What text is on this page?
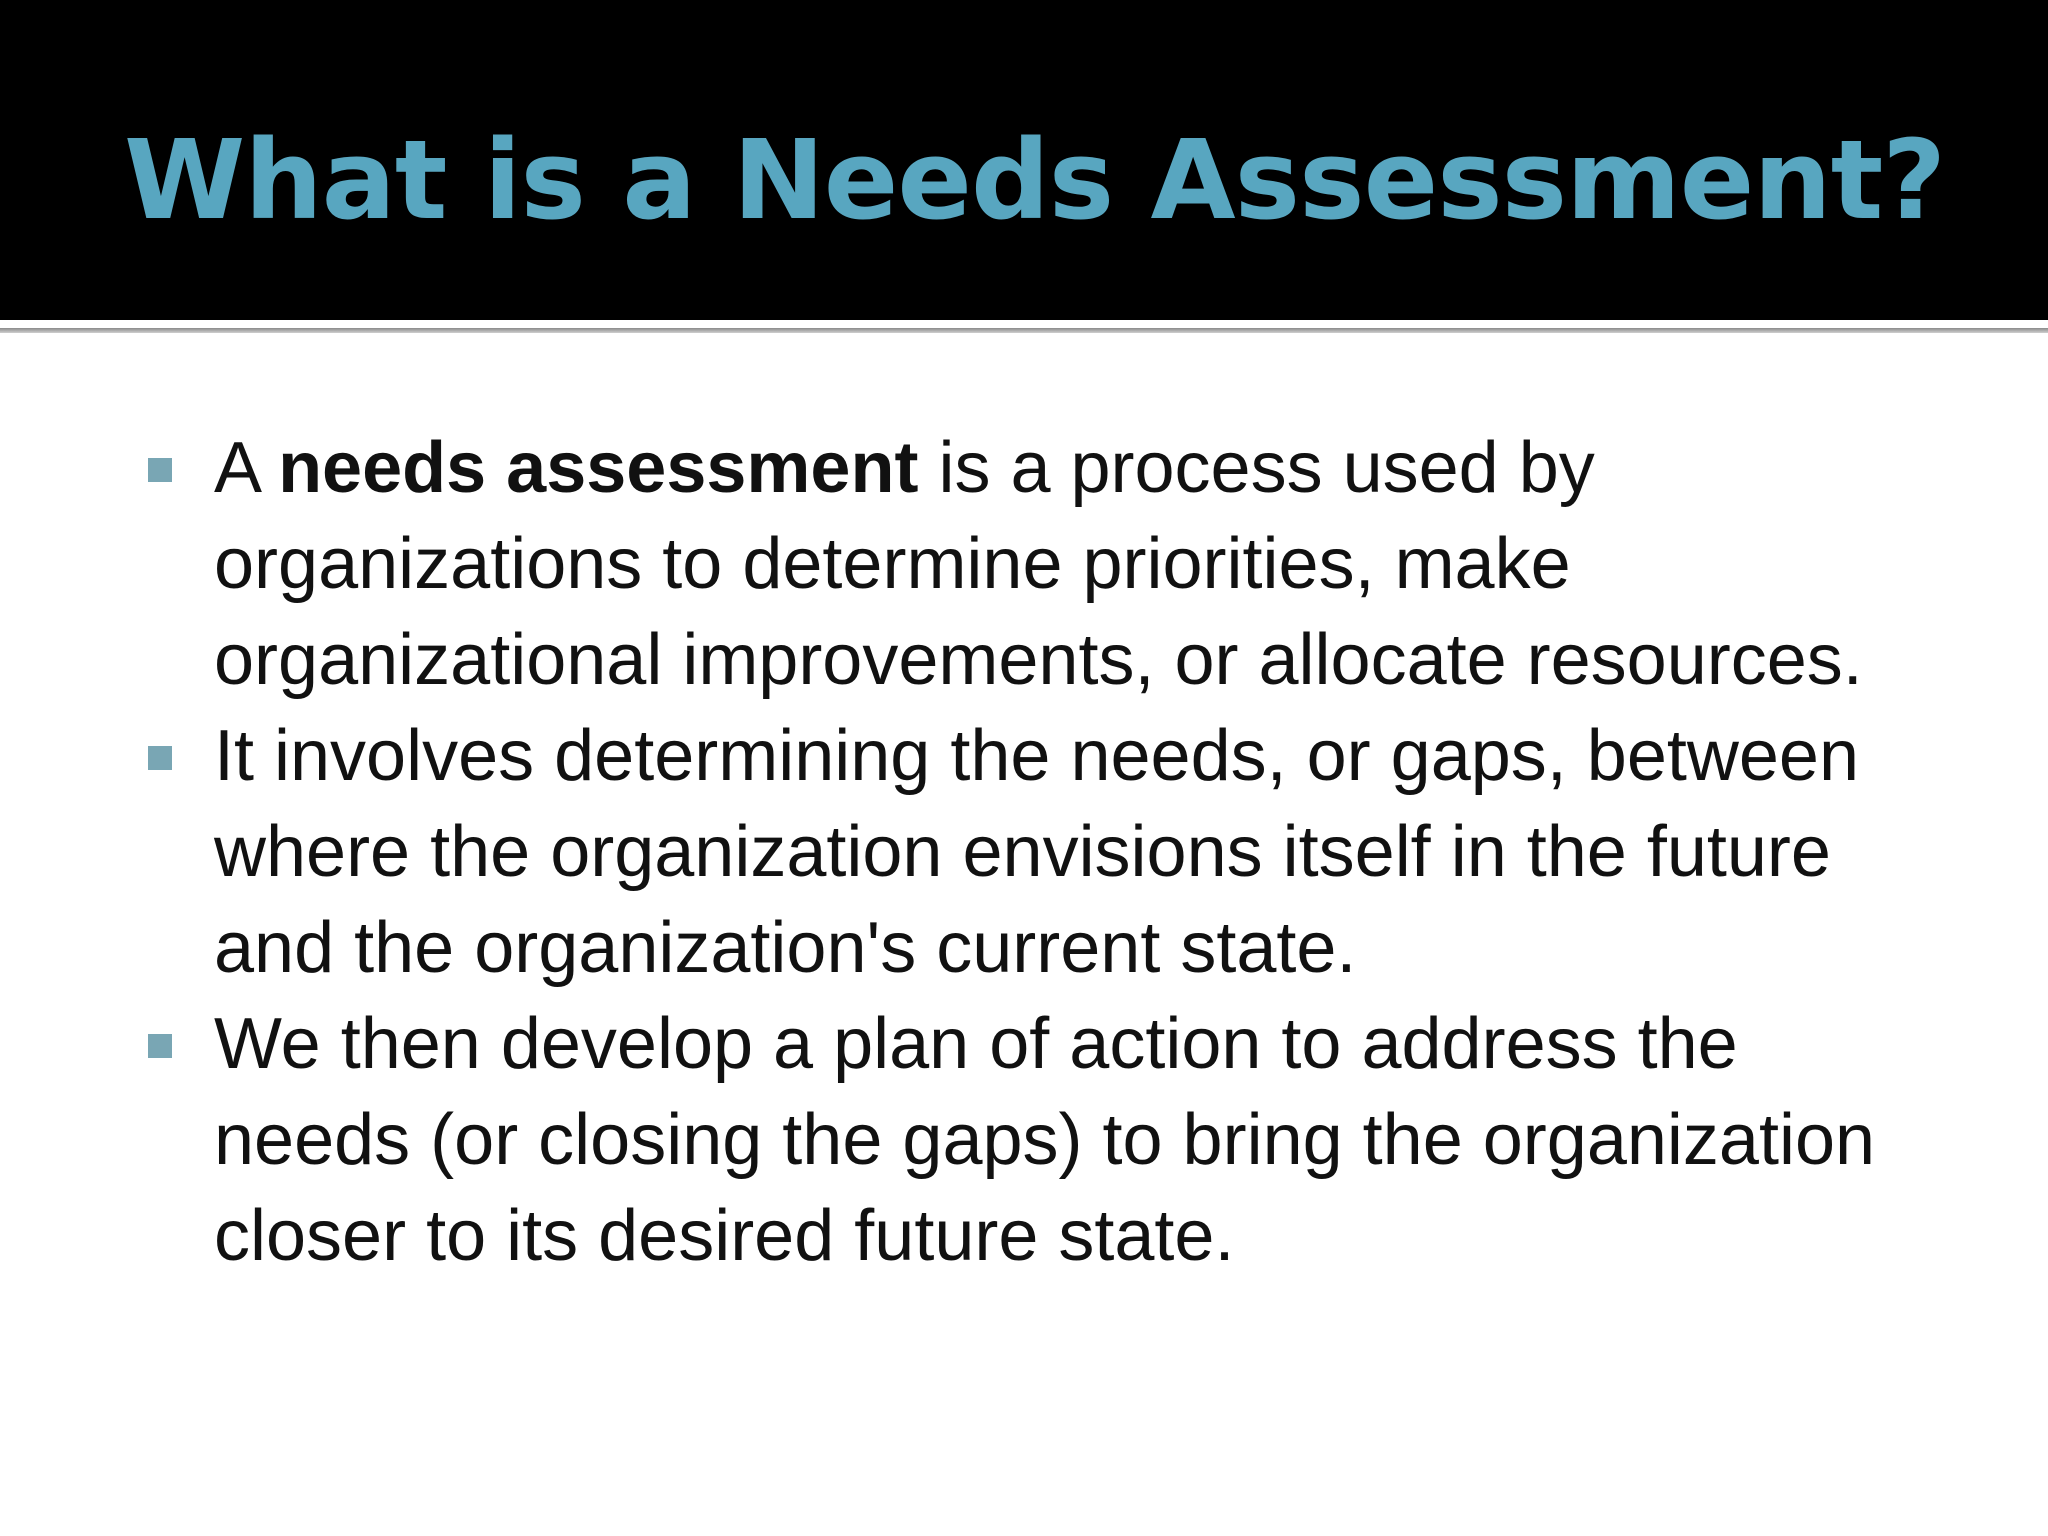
What is a Needs Assessment?
A needs assessment is a process used by organizations to determine priorities, make organizational improvements, or allocate resources.
It involves determining the needs, or gaps, between where the organization envisions itself in the future and the organization's current state.
We then develop a plan of action to address the needs (or closing the gaps) to bring the organization closer to its desired future state.
